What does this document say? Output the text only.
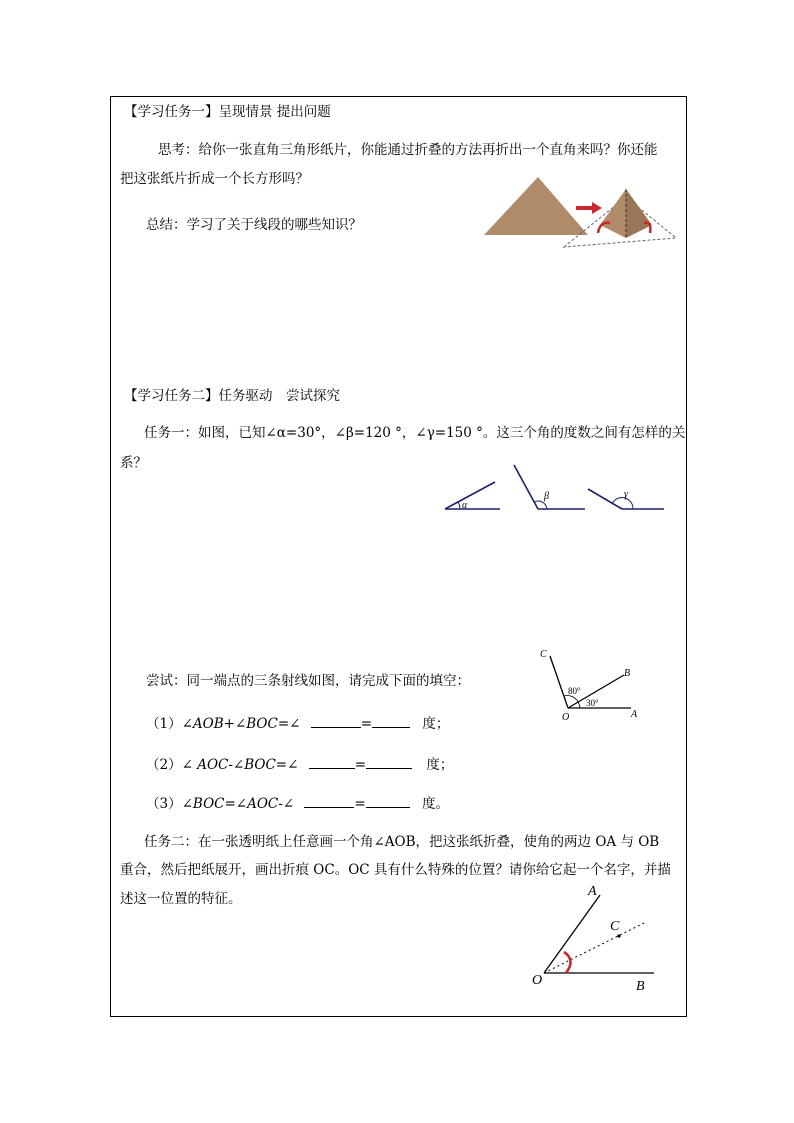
【学习任务一】呈现情景 提出问题
思考：给你一张直角三角形纸片，你能通过折叠的方法再折出一个直角来吗？你还能
把这张纸片折成一个长方形吗？
总结：学习了关于线段的哪些知识？
【学习任务二】任务驱动　尝试探究
任务一：如图，已知∠α=30°，∠β=120 °，∠γ=150 °。这三个角的度数之间有怎样的关
系？
α
β	γ
C
B
O	A
80°
30°
尝试：同一端点的三条射线如图，请完成下面的填空：
（1）∠AOB+∠BOC=∠	=	度；
（2）∠ AOC-∠BOC=∠	=	度；
（3）∠BOC=∠AOC-∠	=	度。
任务二：在一张透明纸上任意画一个角∠AOB，把这张纸折叠，使角的两边 OA 与 OB
重合，然后把纸展开，画出折痕 OC。OC 具有什么特殊的位置？请你给它起一个名字，并描
述这一位置的特征。	A
C
O	B
